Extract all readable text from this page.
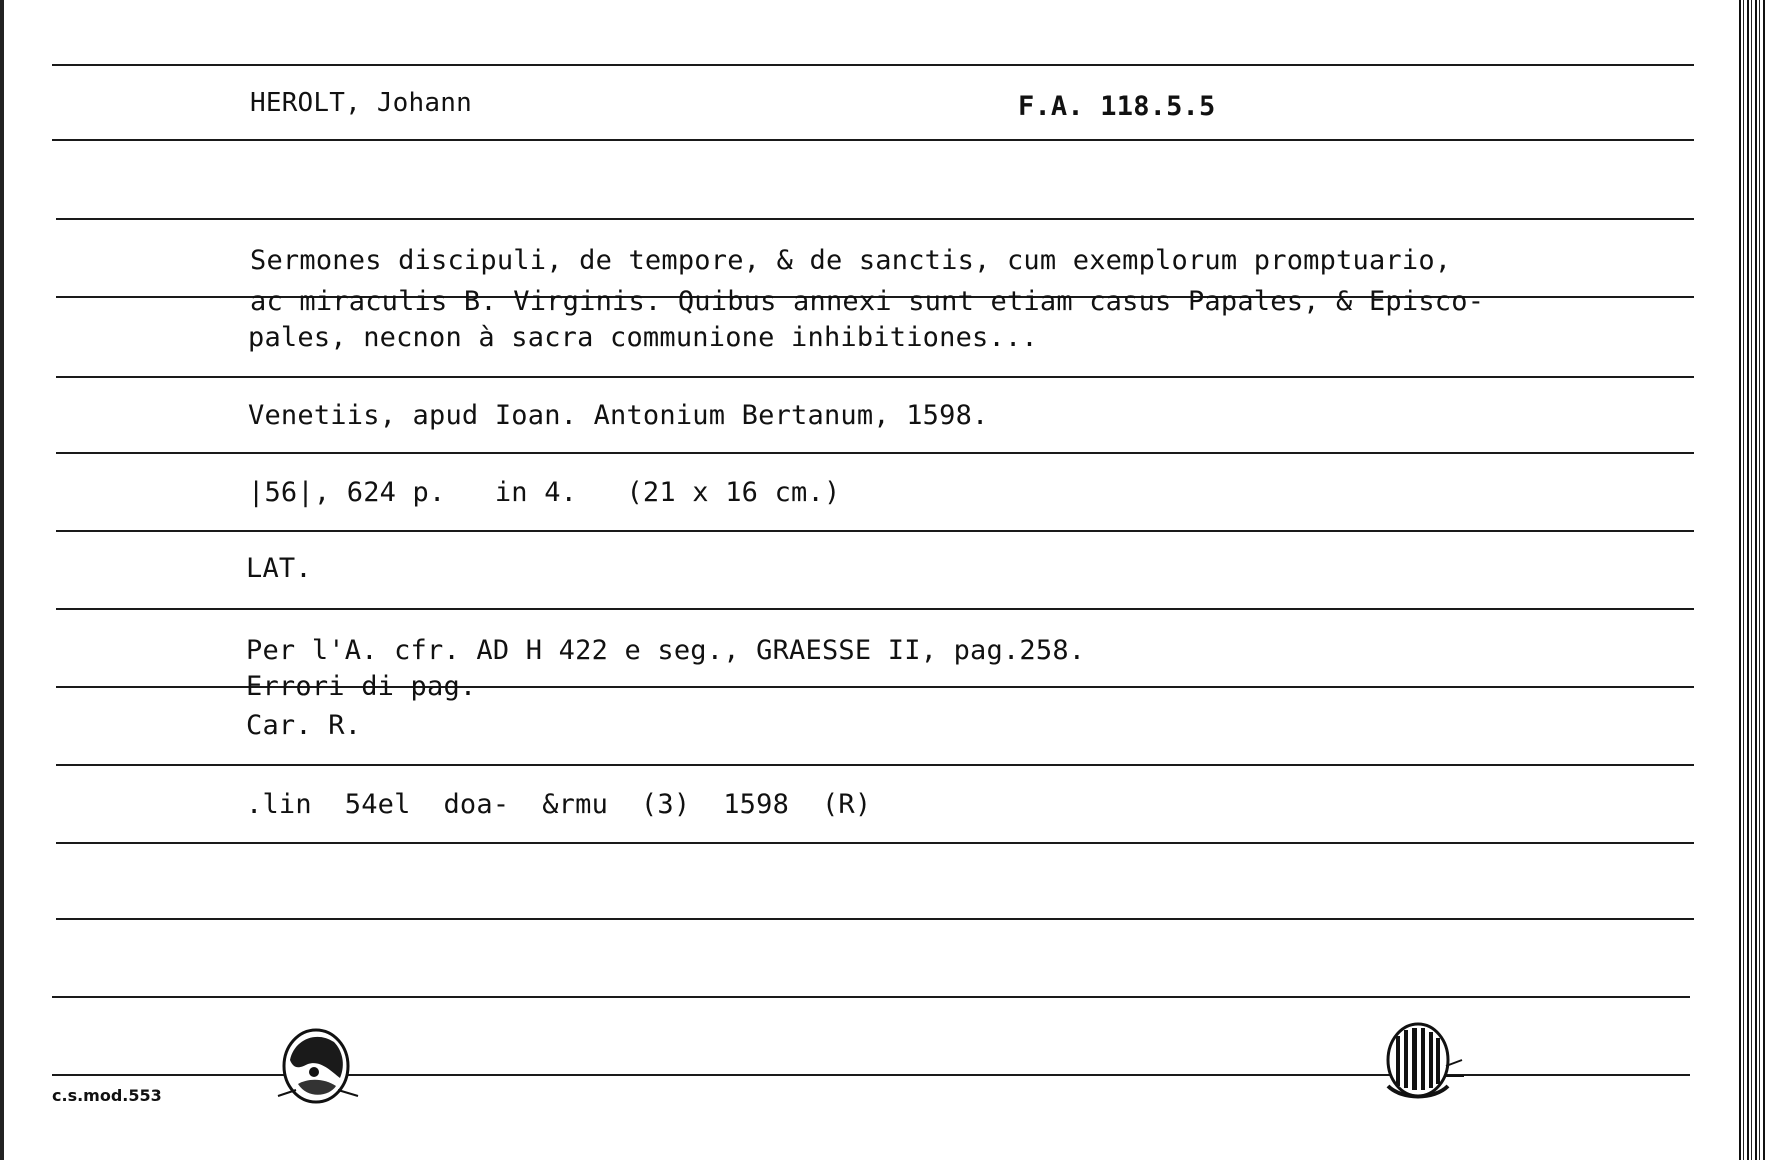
HEROLT, Johann	F.A. 118.5.5
Sermones discipuli, de tempore, & de sanctis, cum exemplorum promptuario,
ac miraculis B. Virginis. Quibus annexi sunt etiam casus Papales, & Episco-
pales, necnon à sacra communione inhibitiones...
Venetiis, apud Ioan. Antonium Bertanum, 1598.
|56|, 624 p.   in 4.   (21 x 16 cm.)
LAT.
Per l'A. cfr. AD H 422 e seg., GRAESSE II, pag.258.
Errori di pag.
Car. R.
.lin  54el  doa-  &rmu  (3)  1598  (R)
c.s.mod.553
